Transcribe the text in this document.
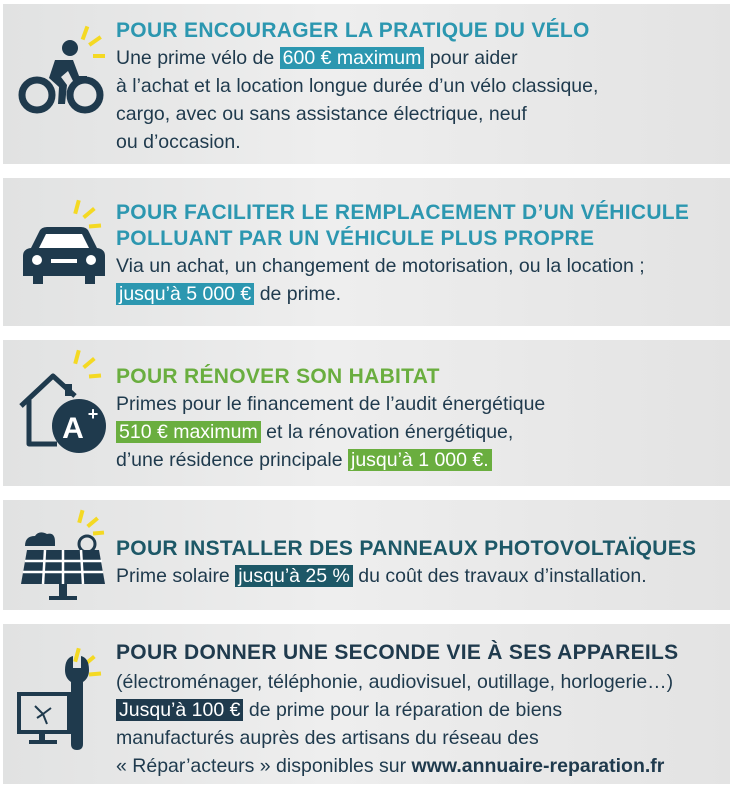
POUR ENCOURAGER LA PRATIQUE DU VÉLO
Une prime vélo de 600 € maximum pour aider
à l’achat et la location longue durée d’un vélo classique,
cargo, avec ou sans assistance électrique, neuf
ou d’occasion.
POUR FACILITER LE REMPLACEMENT D’UN VÉHICULE
POLLUANT PAR UN VÉHICULE PLUS PROPRE
Via un achat, un changement de motorisation, ou la location ;
jusqu’à 5 000 € de prime.
A +
POUR RÉNOVER SON HABITAT
Primes pour le financement de l’audit énergétique
510 € maximum et la rénovation énergétique,
d’une résidence principale jusqu’à 1 000 €.
POUR INSTALLER DES PANNEAUX PHOTOVOLTAÏQUES
Prime solaire jusqu’à 25 % du coût des travaux d’installation.
POUR DONNER UNE SECONDE VIE À SES APPAREILS
(électroménager, téléphonie, audiovisuel, outillage, horlogerie…)
Jusqu’à 100 € de prime pour la réparation de biens
manufacturés auprès des artisans du réseau des
« Répar’acteurs » disponibles sur www.annuaire-reparation.fr
